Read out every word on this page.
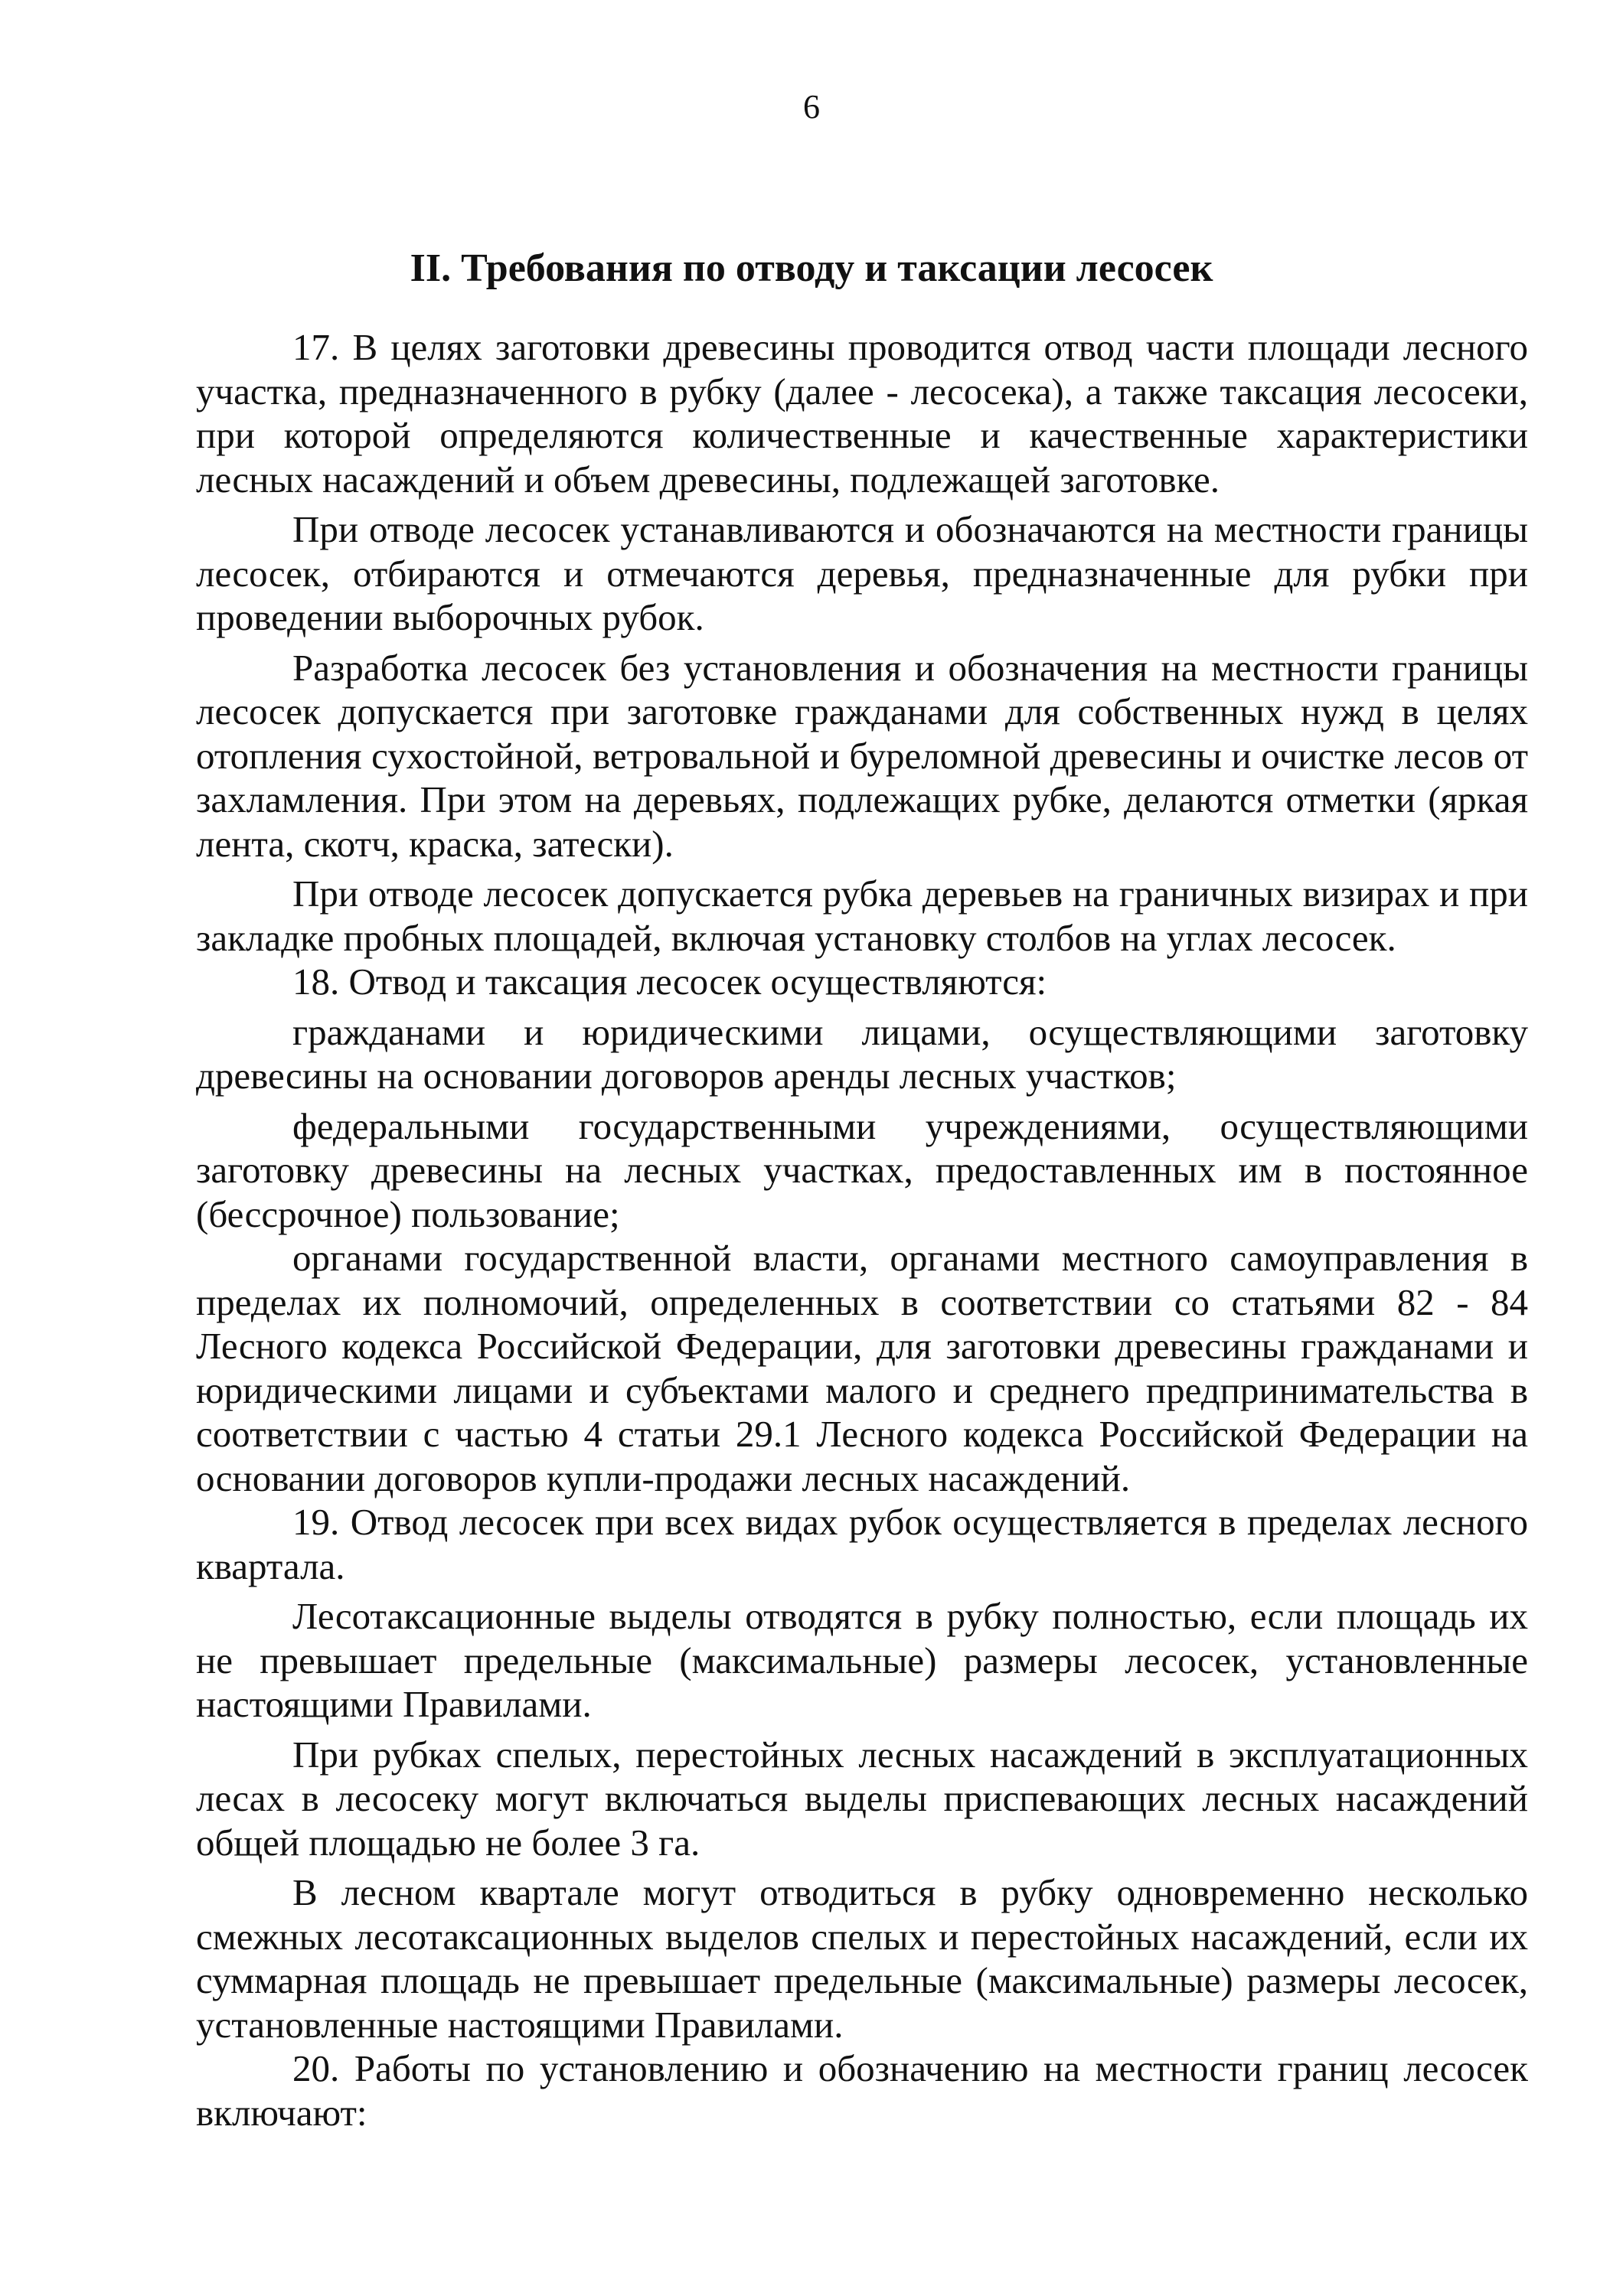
6
II. Требования по отводу и таксации лесосек

17. В целях заготовки древесины проводится отвод части площади лесного участка, предназначенного в рубку (далее - лесосека), а также таксация лесосеки, при которой определяются количественные и качественные характеристики лесных насаждений и объем древесины, подлежащей заготовке.

При отводе лесосек устанавливаются и обозначаются на местности границы лесосек, отбираются и отмечаются деревья, предназначенные для рубки при проведении выборочных рубок.

Разработка лесосек без установления и обозначения на местности границы лесосек допускается при заготовке гражданами для собственных нужд в целях отопления сухостойной, ветровальной и буреломной древесины и очистке лесов от захламления. При этом на деревьях, подлежащих рубке, делаются отметки (яркая лента, скотч, краска, затески).

При отводе лесосек допускается рубка деревьев на граничных визирах и при закладке пробных площадей, включая установку столбов на углах лесосек.

18. Отвод и таксация лесосек осуществляются:

гражданами и юридическими лицами, осуществляющими заготовку древесины на основании договоров аренды лесных участков;

федеральными государственными учреждениями, осуществляющими заготовку древесины на лесных участках, предоставленных им в постоянное (бессрочное) пользование;

органами государственной власти, органами местного самоуправления в пределах их полномочий, определенных в соответствии со статьями 82 - 84 Лесного кодекса Российской Федерации, для заготовки древесины гражданами и юридическими лицами и субъектами малого и среднего предпринимательства в соответствии с частью 4 статьи 29.1 Лесного кодекса Российской Федерации на основании договоров купли-продажи лесных насаждений.

19. Отвод лесосек при всех видах рубок осуществляется в пределах лесного квартала.

Лесотаксационные выделы отводятся в рубку полностью, если площадь их не превышает предельные (максимальные) размеры лесосек, установленные настоящими Правилами.

При рубках спелых, перестойных лесных насаждений в эксплуатационных лесах в лесосеку могут включаться выделы приспевающих лесных насаждений общей площадью не более 3 га.

В лесном квартале могут отводиться в рубку одновременно несколько смежных лесотаксационных выделов спелых и перестойных насаждений, если их суммарная площадь не превышает предельные (максимальные) размеры лесосек, установленные настоящими Правилами.

20. Работы по установлению и обозначению на местности границ лесосек включают:
